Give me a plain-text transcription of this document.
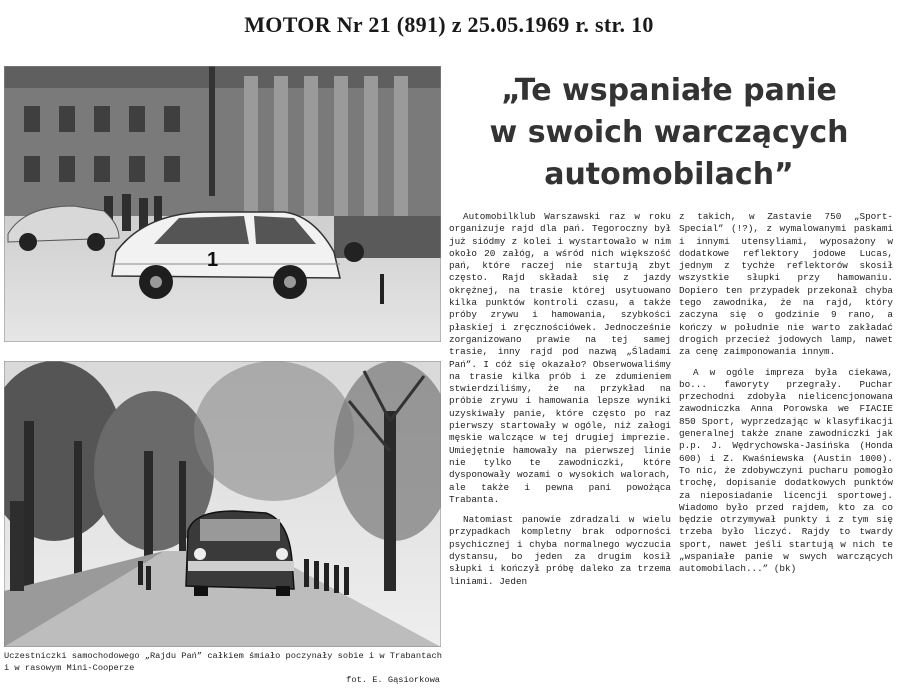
MOTOR Nr 21 (891) z 25.05.1969 r. str. 10
1
Uczestniczki samochodowego „Rajdu Pań” całkiem śmiało poczynały sobie i w Trabantach i w rasowym Mini-Cooperze
fot. E. Gąsiorkowa
„Te wspaniałe panie
w swoich warczących
automobilach”

Automobilklub Warszawski raz w roku organizuje rajd dla pań. Tegoroczny był już siódmy z kolei i wystartowało w nim około 20 załóg, a wśród nich większość pań, które raczej nie startują zbyt często. Rajd składał się z jazdy okrężnej, na trasie której usytuowano kilka punktów kontroli czasu, a także próby zrywu i hamowania, szybkości płaskiej i zręcznościówek. Jednocześnie zorganizowano prawie na tej samej trasie, inny rajd pod nazwą „Śladami Pań”. I cóż się okazało? Obserwowaliśmy na trasie kilka prób i ze zdumieniem stwierdziliśmy, że na przykład na próbie zrywu i hamowania lepsze wyniki uzyskiwały panie, które często po raz pierwszy startowały w ogóle, niż załogi męskie walczące w tej drugiej imprezie. Umiejętnie hamowały na pierwszej linie nie tylko te zawodniczki, które dysponowały wozami o wysokich walorach, ale także i pewna pani powożąca Trabanta.

Natomiast panowie zdradzali w wielu przypadkach kompletny brak odporności psychicznej i chyba normalnego wyczucia dystansu, bo jeden za drugim kosił słupki i kończył próbę daleko za trzema liniami. Jeden

z takich, w Zastavie 750 „Sport-Special” (!?), z wymalowanymi paskami i innymi utensyliami, wyposażony w dodatkowe reflektory jodowe Lucas, jednym z tychże reflektorów skosił wszystkie słupki przy hamowaniu. Dopiero ten przypadek przekonał chyba tego zawodnika, że na rajd, który zaczyna się o godzinie 9 rano, a kończy w południe nie warto zakładać drogich przecież jodowych lamp, nawet za cenę zaimponowania innym.

A w ogóle impreza była ciekawa, bo... faworyty przegrały. Puchar przechodni zdobyła nielicencjonowana zawodniczka Anna Porowska we FIACIE 850 Sport, wyprzedzając w klasyfikacji generalnej także znane zawodniczki jak p.p. J. Wędrychowska-Jasińska (Honda 600) i Z. Kwaśniewska (Austin 1000). To nic, że zdobywczyni pucharu pomogło trochę, dopisanie dodatkowych punktów za nieposiadanie licencji sportowej. Wiadomo było przed rajdem, kto za co będzie otrzymywał punkty i z tym się trzeba było liczyć. Rajdy to twardy sport, nawet jeśli startują w nich te „wspaniałe panie w swych warczących automobilach...” (bk)
